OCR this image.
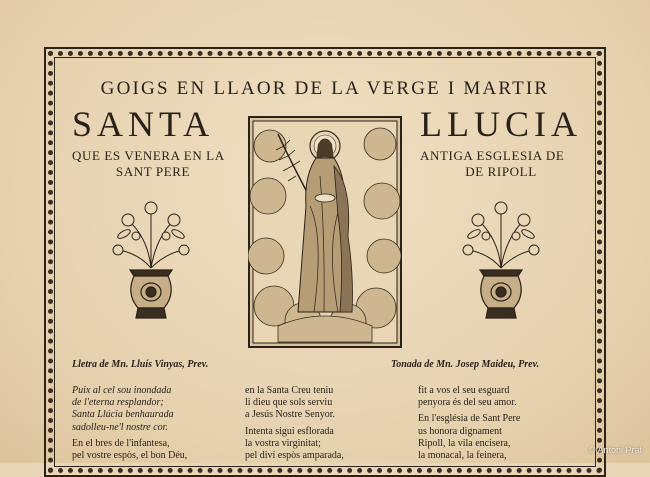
GOIGS EN LLAOR DE LA VERGE I MARTIR
SANTA	LLUCIA
QUE ES VENERA EN LA
SANT PERE
ANTIGA ESGLESIA DE
DE RIPOLL
Lletra de Mn. Lluís Vinyas, Prev.	Tonada de Mn. Josep Maideu, Prev.
Puix al cel sou inondada
de l'eterna resplandor;
Santa Llúcia benhaurada
sadolleu-ne'l nostre cor.
En el bres de l'infantesa,
pel vostre espòs, el bon Déu,
en la Santa Creu teniu
li dieu que sols serviu
a Jesús Nostre Senyor.
Intenta sigui esflorada
la vostra virginitat;
pel diví espòs amparada,
fit a vos el seu esguard
penyora és del seu amor.
En l'església de Sant Pere
us honora dignament
Ripoll, la vila encisera,
la monacal, la feinera,
© Antoni Prat
